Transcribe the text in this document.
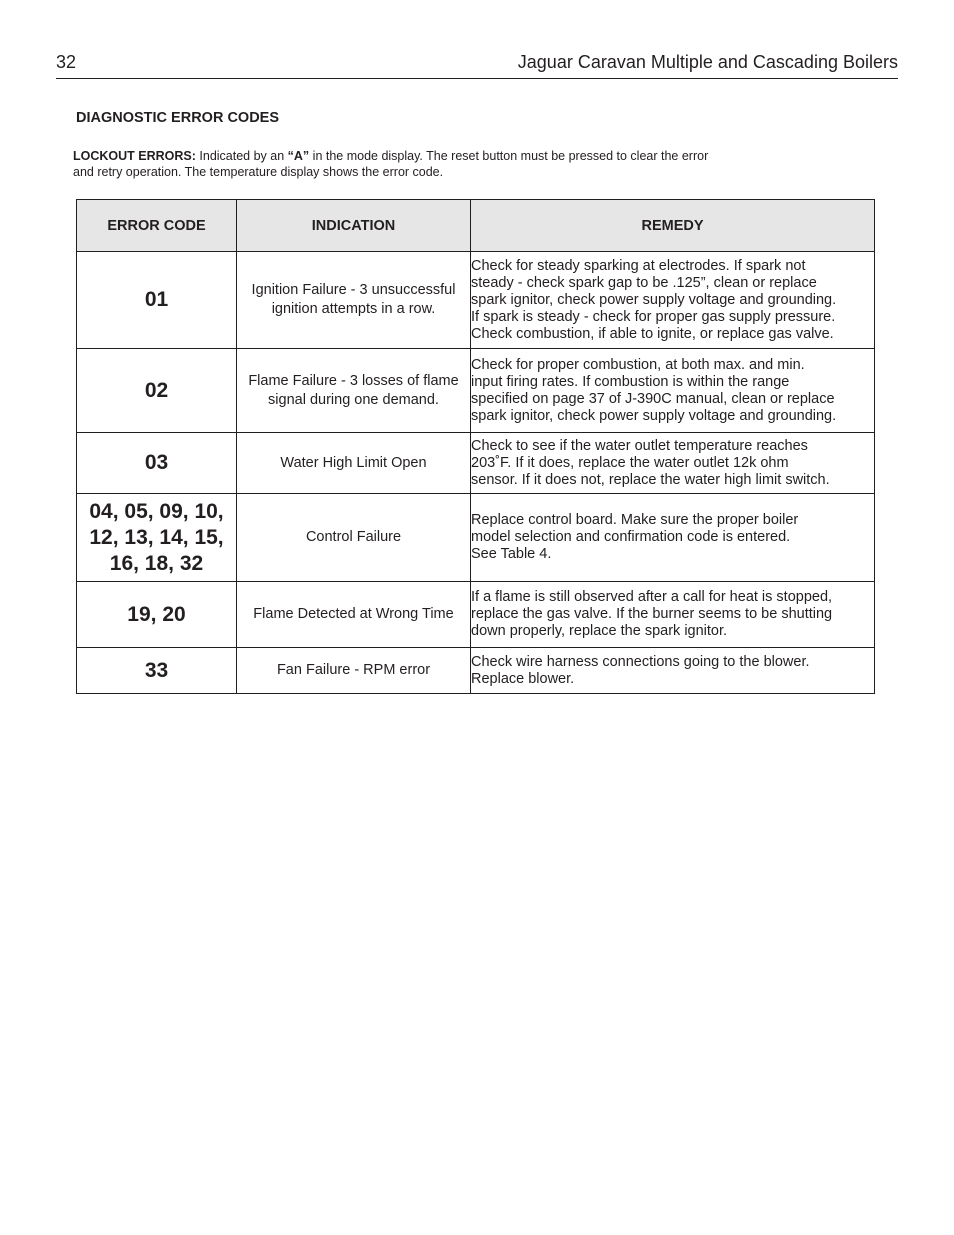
32	Jaguar Caravan Multiple and Cascading Boilers
DIAGNOSTIC ERROR CODES
LOCKOUT ERRORS: Indicated by an “A” in the mode display. The reset button must be pressed to clear the error
and retry operation. The temperature display shows the error code.
ERROR CODE	INDICATION	REMEDY

01	Ignition Failure - 3 unsuccessful
ignition attempts in a row.	Check for steady sparking at electrodes. If spark not
steady - check spark gap to be .125”, clean or replace
spark ignitor, check power supply voltage and grounding.
If spark is steady - check for proper gas supply pressure.
Check combustion, if able to ignite, or replace gas valve.

02	Flame Failure - 3 losses of flame
signal during one demand.	Check for proper combustion, at both max. and min.
input firing rates. If combustion is within the range
specified on page 37 of J-390C manual, clean or replace
spark ignitor, check power supply voltage and grounding.

03	Water High Limit Open	Check to see if the water outlet temperature reaches
203˚F. If it does, replace the water outlet 12k ohm
sensor. If it does not, replace the water high limit switch.

04, 05, 09, 10,
12, 13, 14, 15,
16, 18, 32	Control Failure	Replace control board. Make sure the proper boiler
model selection and confirmation code is entered.
See Table 4.

19, 20	Flame Detected at Wrong Time	If a flame is still observed after a call for heat is stopped,
replace the gas valve. If the burner seems to be shutting
down properly, replace the spark ignitor.

33	Fan Failure - RPM error	Check wire harness connections going to the blower.
Replace blower.
